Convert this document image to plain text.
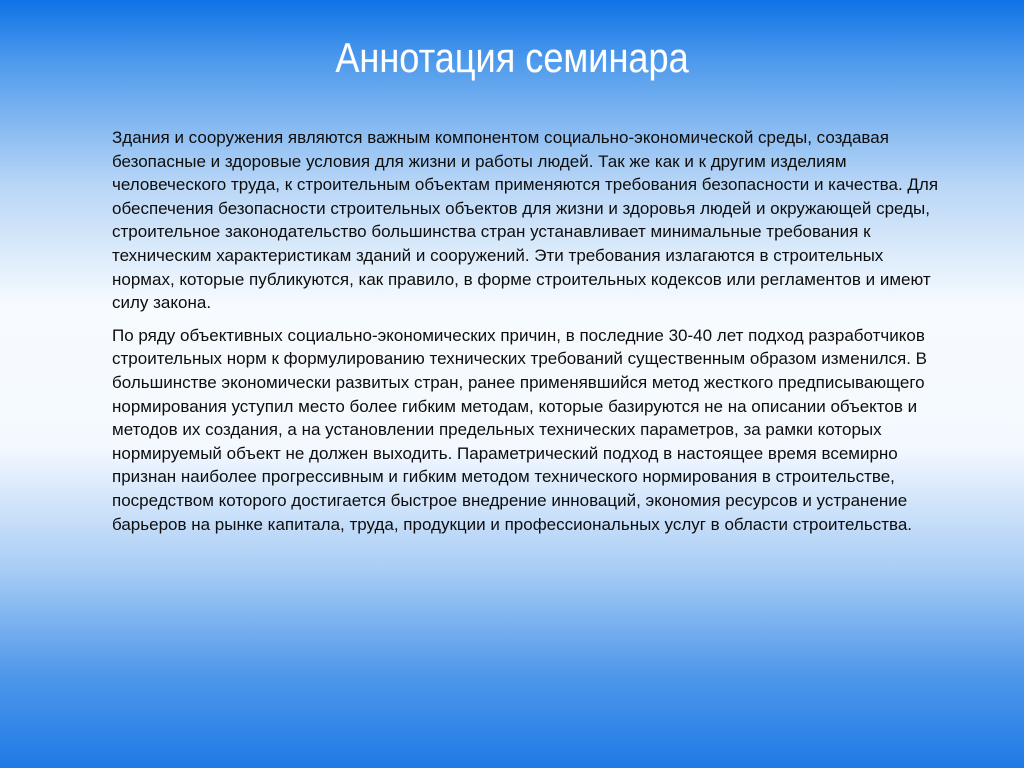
Аннотация семинара

Здания и сооружения являются важным компонентом социально-экономической среды, создавая безопасные и здоровые условия для жизни и работы людей. Так же как и к другим изделиям человеческого труда, к строительным объектам применяются требования безопасности и качества. Для обеспечения безопасности строительных объектов для жизни и здоровья людей и окружающей среды, строительное законодательство большинства стран устанавливает минимальные требования к техническим характеристикам зданий и сооружений. Эти требования излагаются в строительных нормах, которые публикуются, как правило, в форме строительных кодексов или регламентов и имеют силу закона.

По ряду объективных социально-экономических причин, в последние 30-40 лет подход разработчиков строительных норм к формулированию технических требований существенным образом изменился. В большинстве экономически развитых стран, ранее применявшийся метод жесткого предписывающего нормирования уступил место более гибким методам, которые базируются не на описании объектов и методов их создания, а на установлении предельных технических параметров, за рамки которых нормируемый объект не должен выходить. Параметрический подход в настоящее время всемирно признан наиболее прогрессивным и гибким методом технического нормирования в строительстве, посредством которого достигается быстрое внедрение инноваций, экономия ресурсов и устранение барьеров на рынке капитала, труда, продукции и профессиональных услуг в области строительства.
